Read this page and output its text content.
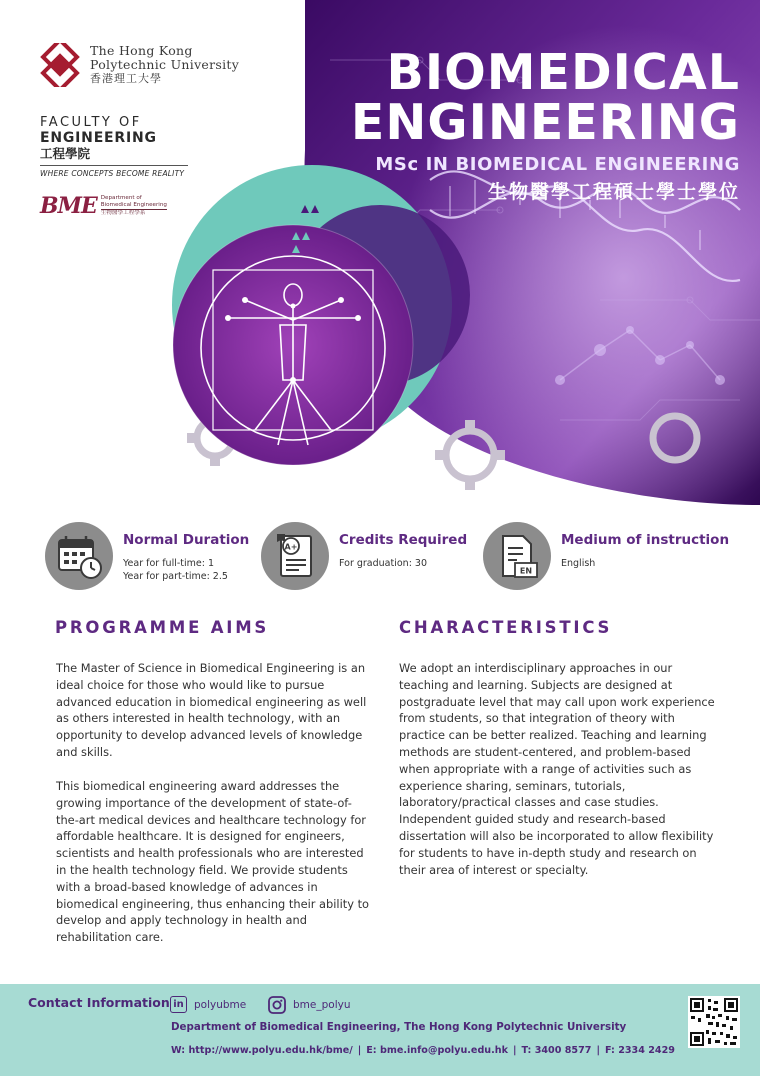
BIOMEDICAL
ENGINEERING
MSc IN BIOMEDICAL ENGINEERING
生物醫學工程碩士學士學位
The Hong Kong
Polytechnic University
香港理工大學
FACULTY OF
ENGINEERING
工程學院
WHERE CONCEPTS BECOME REALITY
BME Department of
Biomedical Engineering
生物醫學工程學系
Normal Duration
Year for full-time: 1
Year for part-time: 2.5
A+	Credits Required
For graduation: 30
EN
Medium of instruction
English
PROGRAMME AIMS

The Master of Science in Biomedical Engineering is an ideal choice for those who would like to pursue advanced education in biomedical engineering as well as others interested in health technology, with an opportunity to develop advanced levels of knowledge and skills.

This biomedical engineering award addresses the growing importance of the development of state-of-the-art medical devices and healthcare technology for affordable healthcare. It is designed for engineers, scientists and health professionals who are interested in the health technology field. We provide students with a broad-based knowledge of advances in biomedical engineering, thus enhancing their ability to develop and apply technology in health and rehabilitation care.

CHARACTERISTICS

We adopt an interdisciplinary approaches in our teaching and learning. Subjects are designed at postgraduate level that may call upon work experience from students, so that integration of theory with practice can be better realized. Teaching and learning methods are student-centered, and problem-based when appropriate with a range of activities such as experience sharing, seminars, tutorials, laboratory/practical classes and case studies. Independent guided study and research-based dissertation will also be incorporated to allow flexibility for students to have in-depth study and research on their area of interest or specialty.

Contact Information in polyubme	bme_polyu
Department of Biomedical Engineering, The Hong Kong Polytechnic University
W: http://www.polyu.edu.hk/bme/ | E: bme.info@polyu.edu.hk | T: 3400 8577 | F: 2334 2429
